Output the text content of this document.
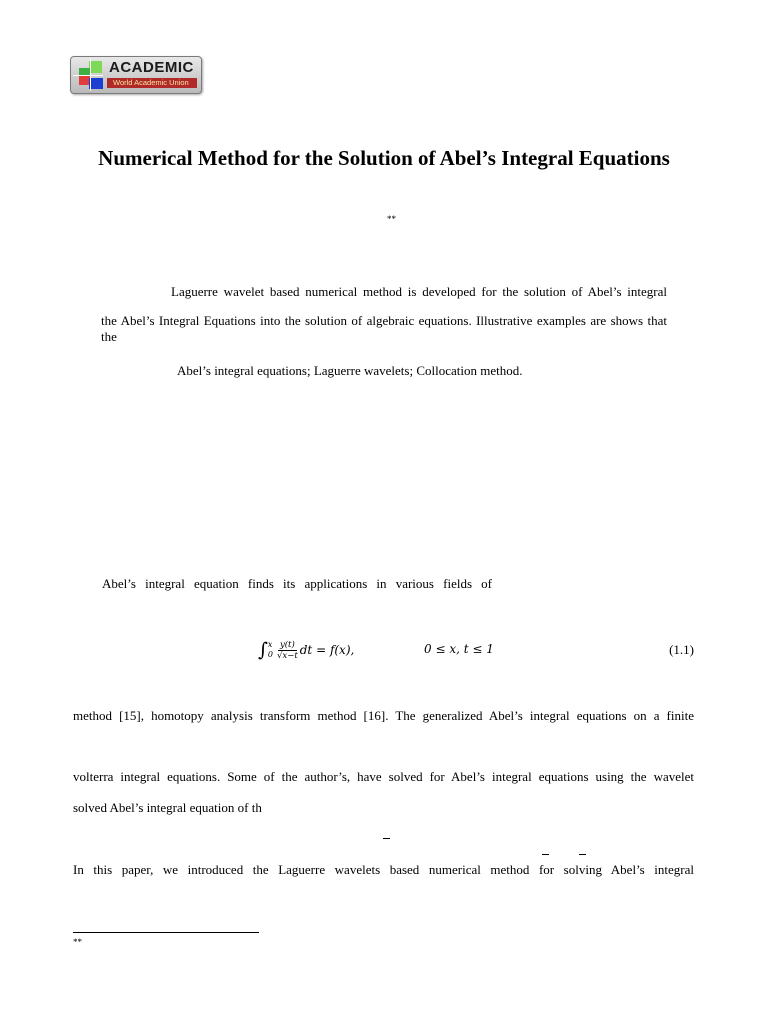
ACADEMIC
World Academic Union
Numerical Method for the Solution of Abel’s Integral Equations
**
Laguerre wavelet based numerical method is developed for the solution of Abel’s integral
the Abel’s Integral Equations into the solution of algebraic equations. Illustrative examples are shows that the
Abel’s integral equations; Laguerre wavelets; Collocation method.
Abel’s integral equation finds its applications in various fields of
∫ x
$0 \frac{y(t)}{√x-t}$ dt = f(x),	0 ≤ x, t ≤ 1	(1.1)
method [15], homotopy analysis transform method [16]. The generalized Abel’s integral equations on a finite
volterra integral equations. Some of the author’s, have solved for Abel’s integral equations using the wavelet
solved Abel’s integral equation of th
In this paper, we introduced the Laguerre wavelets based numerical method for solving Abel’s integral
**
